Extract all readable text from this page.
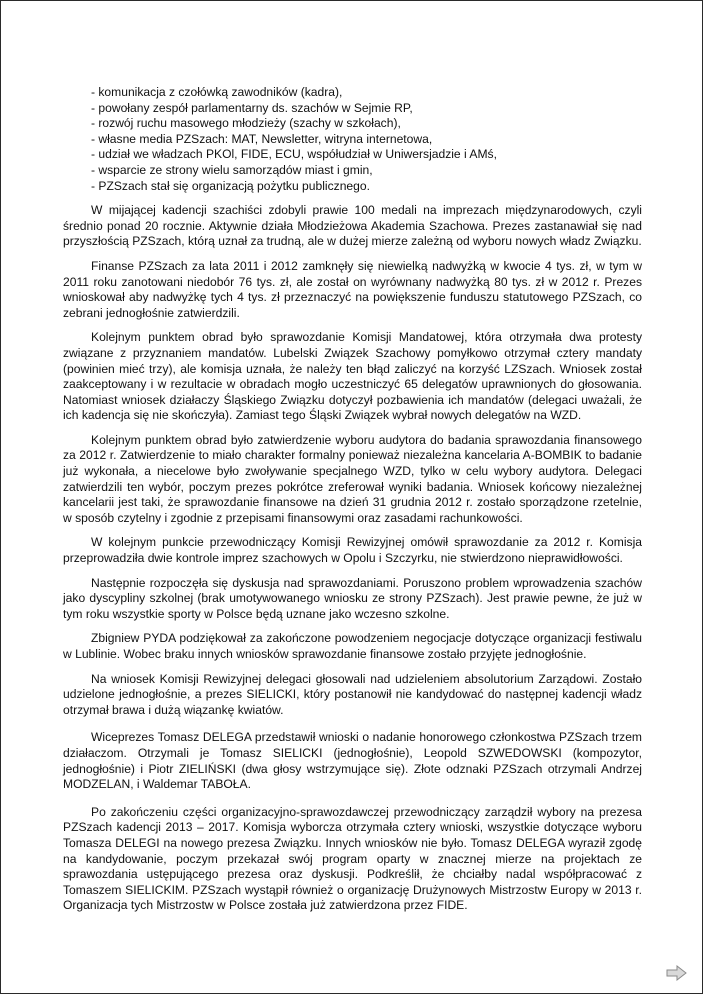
- komunikacja z czołówką zawodników (kadra),
- powołany zespół parlamentarny ds. szachów w Sejmie RP,
- rozwój ruchu masowego młodzieży (szachy w szkołach),
- własne media PZSzach: MAT, Newsletter, witryna internetowa,
- udział we władzach PKOl, FIDE, ECU, współudział w Uniwersjadzie i AMś,
- wsparcie ze strony wielu samorządów miast i gmin,
- PZSzach stał się organizacją pożytku publicznego.

W mijającej kadencji szachiści zdobyli prawie 100 medali na imprezach międzynarodowych, czyli średnio ponad 20 rocznie. Aktywnie działa Młodzieżowa Akademia Szachowa. Prezes zastanawiał się nad przyszłością PZSzach, którą uznał za trudną, ale w dużej mierze zależną od wyboru nowych władz Związku.

Finanse PZSzach za lata 2011 i 2012 zamknęły się niewielką nadwyżką w kwocie 4 tys. zł, w tym w 2011 roku zanotowani niedobór 76 tys. zł, ale został on wyrównany nadwyżką 80 tys. zł w 2012 r. Prezes wnioskował aby nadwyżkę tych 4 tys. zł przeznaczyć na powiększenie funduszu statutowego PZSzach, co zebrani jednogłośnie zatwierdzili.

Kolejnym punktem obrad było sprawozdanie Komisji Mandatowej, która otrzymała dwa protesty związane z przyznaniem mandatów. Lubelski Związek Szachowy pomyłkowo otrzymał cztery mandaty (powinien mieć trzy), ale komisja uznała, że należy ten błąd zaliczyć na korzyść LZSzach. Wniosek został zaakceptowany i w rezultacie w obradach mogło uczestniczyć 65 delegatów uprawnionych do głosowania. Natomiast wniosek działaczy Śląskiego Związku dotyczył pozbawienia ich mandatów (delegaci uważali, że ich kadencja się nie skończyła). Zamiast tego Śląski Związek wybrał nowych delegatów na WZD.

Kolejnym punktem obrad było zatwierdzenie wyboru audytora do badania sprawozdania finansowego za 2012 r. Zatwierdzenie to miało charakter formalny ponieważ niezależna kancelaria A-BOMBIK to badanie już wykonała, a niecelowe było zwoływanie specjalnego WZD, tylko w celu wybory audytora. Delegaci zatwierdzili ten wybór, poczym prezes pokrótce zreferował wyniki badania. Wniosek końcowy niezależnej kancelarii jest taki, że sprawozdanie finansowe na dzień 31 grudnia 2012 r. zostało sporządzone rzetelnie, w sposób czytelny i zgodnie z przepisami finansowymi oraz zasadami rachunkowości.

W kolejnym punkcie przewodniczący Komisji Rewizyjnej omówił sprawozdanie za 2012 r. Komisja przeprowadziła dwie kontrole imprez szachowych w Opolu i Szczyrku, nie stwierdzono nieprawidłowości.

Następnie rozpoczęła się dyskusja nad sprawozdaniami. Poruszono problem wprowadzenia szachów jako dyscypliny szkolnej (brak umotywowanego wniosku ze strony PZSzach). Jest prawie pewne, że już w tym roku wszystkie sporty w Polsce będą uznane jako wczesno szkolne.

Zbigniew PYDA podziękował za zakończone powodzeniem negocjacje dotyczące organizacji festiwalu w Lublinie. Wobec braku innych wniosków sprawozdanie finansowe zostało przyjęte jednogłośnie.

Na wniosek Komisji Rewizyjnej delegaci głosowali nad udzieleniem absolutorium Zarządowi. Zostało udzielone jednogłośnie, a prezes SIELICKI, który postanowił nie kandydować do następnej kadencji władz otrzymał brawa i dużą wiązankę kwiatów.

Wiceprezes Tomasz DELEGA przedstawił wnioski o nadanie honorowego członkostwa PZSzach trzem działaczom. Otrzymali je Tomasz SIELICKI (jednogłośnie), Leopold SZWEDOWSKI (kompozytor, jednogłośnie) i Piotr ZIELIŃSKI (dwa głosy wstrzymujące się). Złote odznaki PZSzach otrzymali Andrzej MODZELAN, i Waldemar TABOŁA.

Po zakończeniu części organizacyjno-sprawozdawczej przewodniczący zarządził wybory na prezesa PZSzach kadencji 2013 – 2017. Komisja wyborcza otrzymała cztery wnioski, wszystkie dotyczące wyboru Tomasza DELEGI na nowego prezesa Związku. Innych wniosków nie było. Tomasz DELEGA wyraził zgodę na kandydowanie, poczym przekazał swój program oparty w znacznej mierze na projektach ze sprawozdania ustępującego prezesa oraz dyskusji. Podkreślił, że chciałby nadal współpracować z Tomaszem SIELICKIM. PZSzach wystąpił również o organizację Drużynowych Mistrzostw Europy w 2013 r. Organizacja tych Mistrzostw w Polsce została już zatwierdzona przez FIDE.
